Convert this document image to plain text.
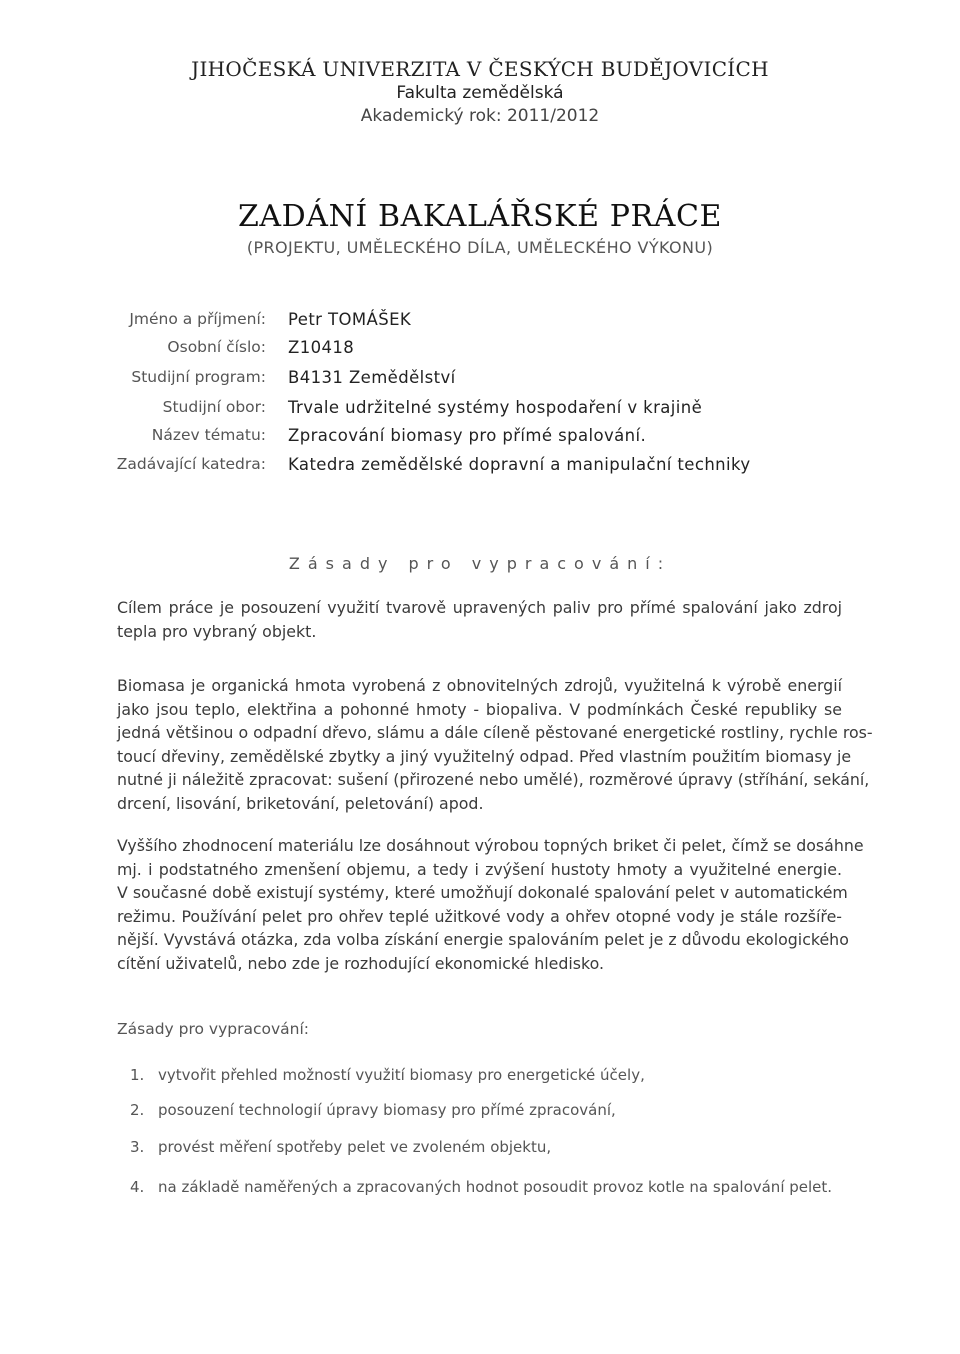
JIHOČESKÁ UNIVERZITA V ČESKÝCH BUDĚJOVICÍCH
Fakulta zemědělská
Akademický rok: 2011/2012
ZADÁNÍ BAKALÁŘSKÉ PRÁCE
(PROJEKTU, UMĚLECKÉHO DÍLA, UMĚLECKÉHO VÝKONU)
Jméno a příjmení: Petr TOMÁŠEK
Osobní číslo: Z10418
Studijní program: B4131 Zemědělství
Studijní obor: Trvale udržitelné systémy hospodaření v krajině
Název tématu: Zpracování biomasy pro přímé spalování.
Zadávající katedra: Katedra zemědělské dopravní a manipulační techniky
Zásady pro vypracování:
Cílem práce je posouzení využití tvarově upravených paliv pro přímé spalování jako zdroj
tepla pro vybraný objekt.
Biomasa je organická hmota vyrobená z obnovitelných zdrojů, využitelná k výrobě energií
jako jsou teplo, elektřina a pohonné hmoty - biopaliva. V podmínkách České republiky se
jedná většinou o odpadní dřevo, slámu a dále cíleně pěstované energetické rostliny, rychle ros-
toucí dřeviny, zemědělské zbytky a jiný využitelný odpad. Před vlastním použitím biomasy je
nutné ji náležitě zpracovat: sušení (přirozené nebo umělé), rozměrové úpravy (stříhání, sekání,
drcení, lisování, briketování, peletování) apod.
Vyššího zhodnocení materiálu lze dosáhnout výrobou topných briket či pelet, čímž se dosáhne
mj. i podstatného zmenšení objemu, a tedy i zvýšení hustoty hmoty a využitelné energie.
V současné době existují systémy, které umožňují dokonalé spalování pelet v automatickém
režimu. Používání pelet pro ohřev teplé užitkové vody a ohřev otopné vody je stále rozšíře-
nější. Vyvstává otázka, zda volba získání energie spalováním pelet je z důvodu ekologického
cítění uživatelů, nebo zde je rozhodující ekonomické hledisko.
Zásady pro vypracování:
1. vytvořit přehled možností využití biomasy pro energetické účely,
2. posouzení technologií úpravy biomasy pro přímé zpracování,
3. provést měření spotřeby pelet ve zvoleném objektu,
4. na základě naměřených a zpracovaných hodnot posoudit provoz kotle na spalování pelet.
